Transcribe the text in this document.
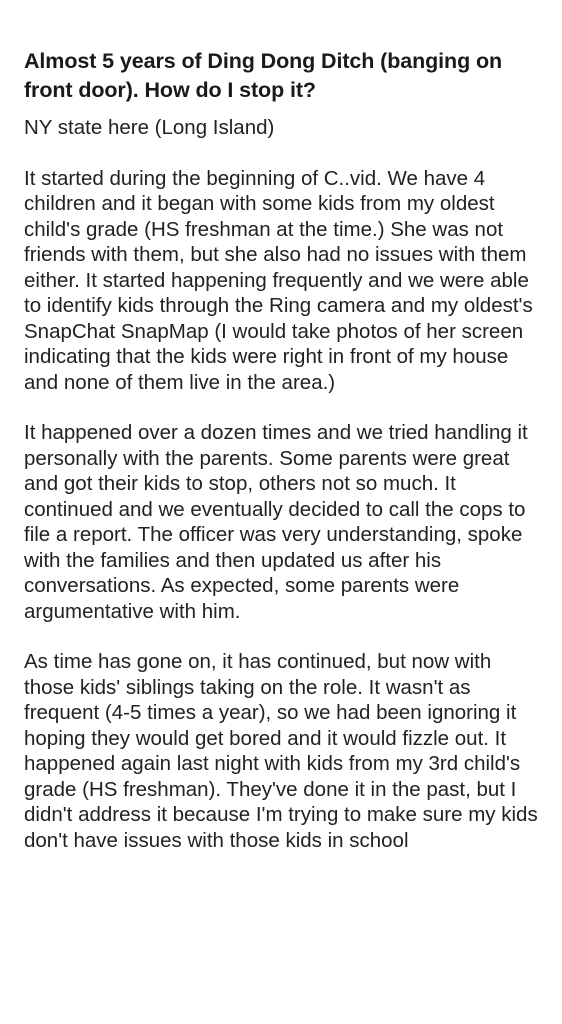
Almost 5 years of Ding Dong Ditch (banging on front door). How do I stop it?

NY state here (Long Island)

It started during the beginning of C..vid. We have 4 children and it began with some kids from my oldest child's grade (HS freshman at the time.) She was not friends with them, but she also had no issues with them either. It started happening frequently and we were able to identify kids through the Ring camera and my oldest's SnapChat SnapMap (I would take photos of her screen indicating that the kids were right in front of my house and none of them live in the area.)

It happened over a dozen times and we tried handling it personally with the parents. Some parents were great and got their kids to stop, others not so much. It continued and we eventually decided to call the cops to file a report. The officer was very understanding, spoke with the families and then updated us after his conversations. As expected, some parents were argumentative with him.

As time has gone on, it has continued, but now with those kids' siblings taking on the role. It wasn't as frequent (4-5 times a year), so we had been ignoring it hoping they would get bored and it would fizzle out. It happened again last night with kids from my 3rd child's grade (HS freshman). They've done it in the past, but I didn't address it because I'm trying to make sure my kids don't have issues with those kids in school
